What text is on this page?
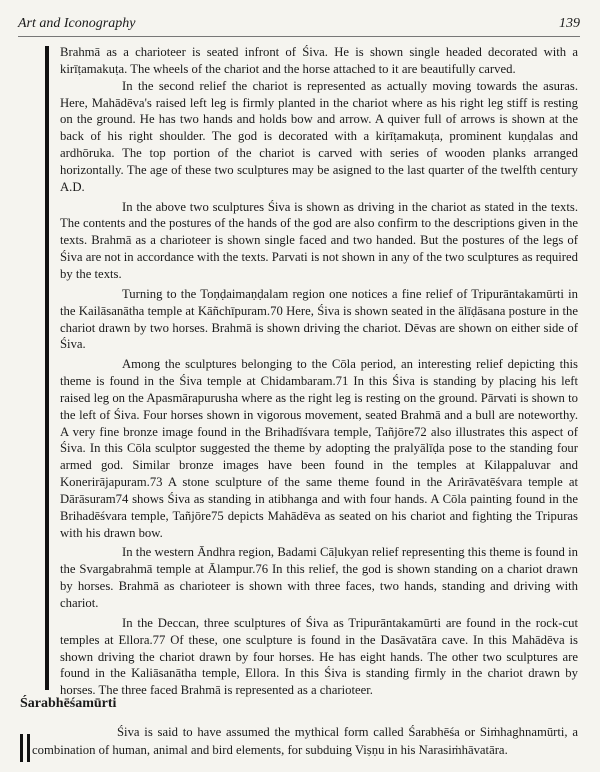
Art and Iconography	139

Brahmā as a charioteer is seated infront of Śiva. He is shown single headed decorated with a kirīṭamakuṭa. The wheels of the chariot and the horse attached to it are beautifully carved.

In the second relief the chariot is represented as actually moving towards the asuras. Here, Mahādēva's raised left leg is firmly planted in the chariot where as his right leg stiff is resting on the ground. He has two hands and holds bow and arrow. A quiver full of arrows is shown at the back of his right shoulder. The god is decorated with a kirīṭamakuṭa, prominent kuṇḍalas and ardhōruka. The top portion of the chariot is carved with series of wooden planks arranged horizontally. The age of these two sculptures may be asigned to the last quarter of the twelfth century A.D.

In the above two sculptures Śiva is shown as driving in the chariot as stated in the texts. The contents and the postures of the hands of the god are also confirm to the descriptions given in the texts. Brahmā as a charioteer is shown single faced and two handed. But the postures of the legs of Śiva are not in accordance with the texts. Parvati is not shown in any of the two sculptures as required by the texts.

Turning to the Toṇḍaimaṇḍalam region one notices a fine relief of Tripurāntakamūrti in the Kailāsanātha temple at Kāñchīpuram.70 Here, Śiva is shown seated in the ālīḍāsana posture in the chariot drawn by two horses. Brahmā is shown driving the chariot. Dēvas are shown on either side of Śiva.

Among the sculptures belonging to the Cōla period, an interesting relief depicting this theme is found in the Śiva temple at Chidambaram.71 In this Śiva is standing by placing his left raised leg on the Apasmārapurusha where as the right leg is resting on the ground. Pārvati is shown to the left of Śiva. Four horses shown in vigorous movement, seated Brahmā and a bull are noteworthy. A very fine bronze image found in the Brihadīśvara temple, Tañjōre72 also illustrates this aspect of Śiva. In this Cōla sculptor suggested the theme by adopting the pralyālīḍa pose to the standing four armed god. Similar bronze images have been found in the temples at Kilappaluvar and Konerirājapuram.73 A stone sculpture of the same theme found in the Arirāvatēśvara temple at Dārāsuram74 shows Śiva as standing in atibhanga and with four hands. A Cōla painting found in the Brihadēśvara temple, Tañjōre75 depicts Mahādēva as seated on his chariot and fighting the Tripuras with his drawn bow.

In the western Āndhra region, Badami Cāḷukyan relief representing this theme is found in the Svargabrahmā temple at Ālampur.76 In this relief, the god is shown standing on a chariot drawn by horses. Brahmā as charioteer is shown with three faces, two hands, standing and driving with chariot.

In the Deccan, three sculptures of Śiva as Tripurāntakamūrti are found in the rock-cut temples at Ellora.77 Of these, one sculpture is found in the Dasāvatāra cave. In this Mahādēva is shown driving the chariot drawn by four horses. He has eight hands. The other two sculptures are found in the Kaliāsanātha temple, Ellora. In this Śiva is standing firmly in the chariot drawn by horses. The three faced Brahmā is represented as a charioteer.

Śarabhēśamūrti

Śiva is said to have assumed the mythical form called Śarabhēśa or Siṁhaghnamūrti, a combination of human, animal and bird elements, for subduing Viṣṇu in his Narasiṁhāvatāra.
